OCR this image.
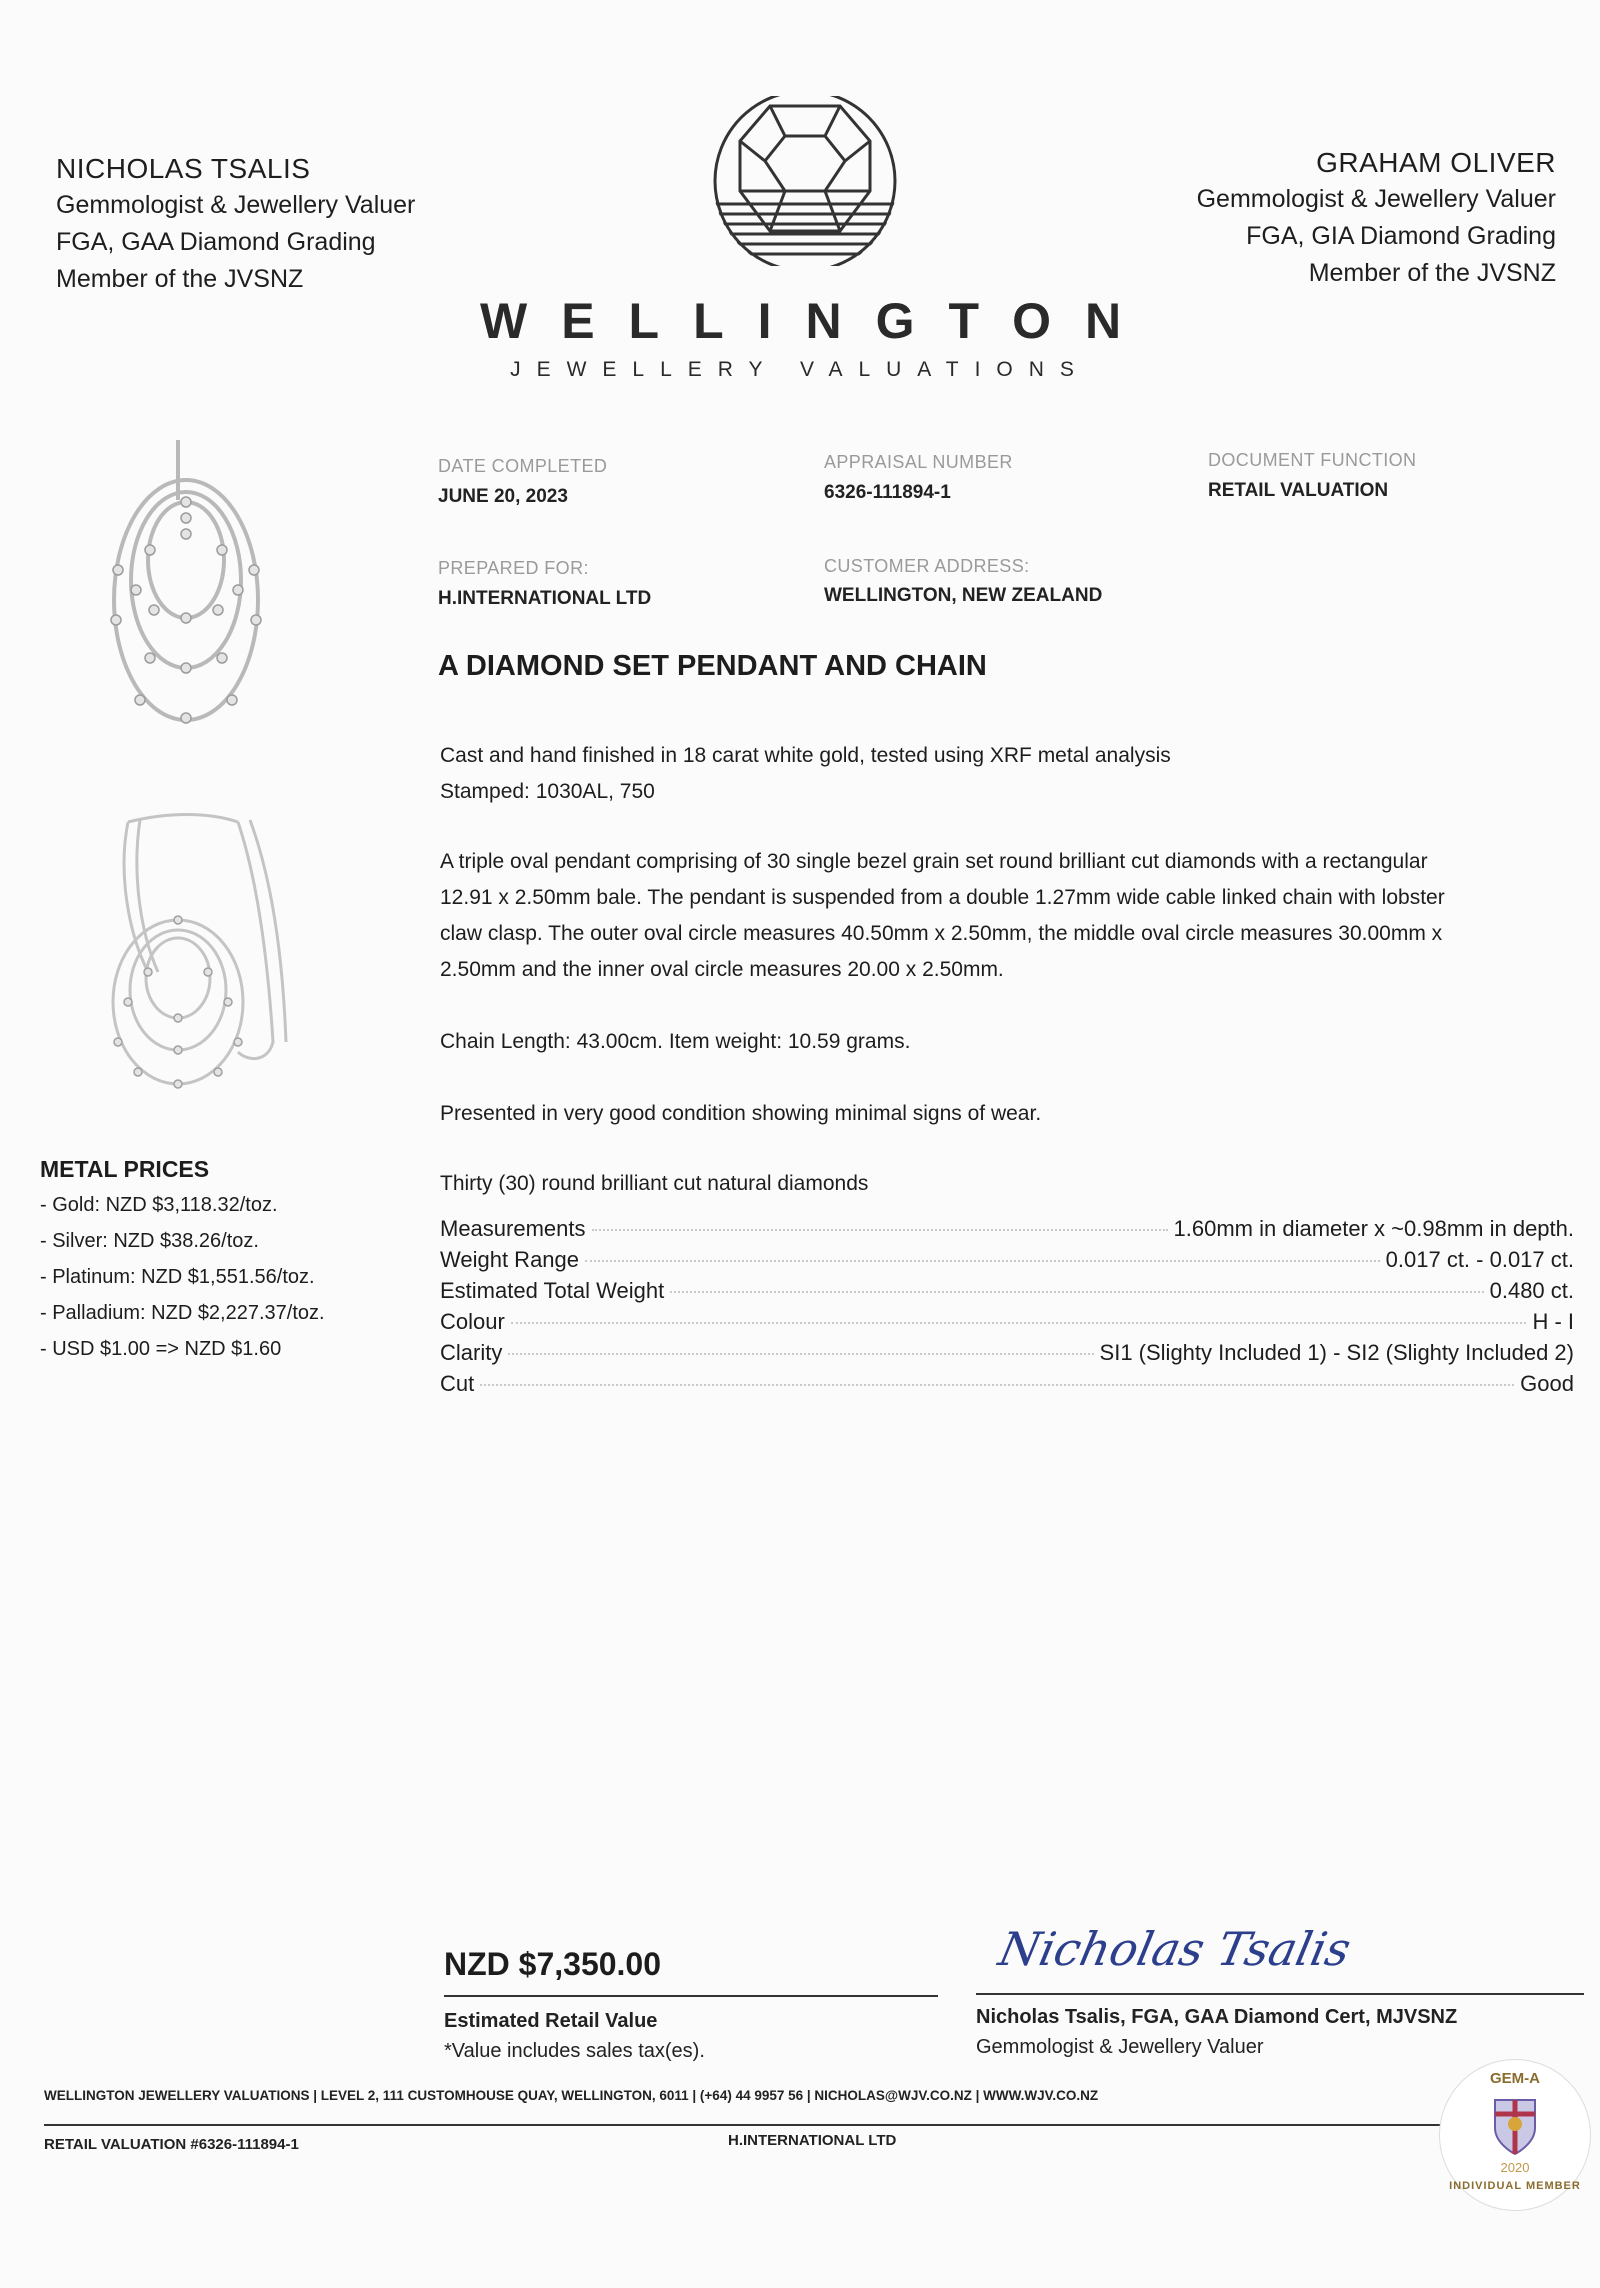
NICHOLAS TSALIS
Gemmologist & Jewellery Valuer
FGA, GAA Diamond Grading
Member of the JVSNZ
GRAHAM OLIVER
Gemmologist & Jewellery Valuer
FGA, GIA Diamond Grading
Member of the JVSNZ
WELLINGTON
JEWELLERY VALUATIONS
DATE COMPLETED
JUNE 20, 2023
APPRAISAL NUMBER
6326-111894-1
DOCUMENT FUNCTION
RETAIL VALUATION
PREPARED FOR:
H.INTERNATIONAL LTD
CUSTOMER ADDRESS:
WELLINGTON, NEW ZEALAND
A DIAMOND SET PENDANT AND CHAIN
Cast and hand finished in 18 carat white gold, tested using XRF metal analysis
Stamped: 1030AL, 750
A triple oval pendant comprising of 30 single bezel grain set round brilliant cut diamonds with a rectangular
12.91 x 2.50mm bale. The pendant is suspended from a double 1.27mm wide cable linked chain with lobster
claw clasp. The outer oval circle measures 40.50mm x 2.50mm, the middle oval circle measures 30.00mm x
2.50mm and the inner oval circle measures 20.00 x 2.50mm.
Chain Length: 43.00cm. Item weight: 10.59 grams.
Presented in very good condition showing minimal signs of wear.
Thirty (30) round brilliant cut natural diamonds
Measurements	1.60mm in diameter x ~0.98mm in depth.
Weight Range	0.017 ct. - 0.017 ct.
Estimated Total Weight	0.480 ct.
Colour	H - I
Clarity	SI1 (Slighty Included 1) - SI2 (Slighty Included 2)
Cut	Good
METAL PRICES
- Gold: NZD $3,118.32/toz.
- Silver: NZD $38.26/toz.
- Platinum: NZD $1,551.56/toz.
- Palladium: NZD $2,227.37/toz.
- USD $1.00 => NZD $1.60
NZD $7,350.00
Estimated Retail Value
*Value includes sales tax(es).
Nicholas Tsalis
Nicholas Tsalis, FGA, GAA Diamond Cert, MJVSNZ
Gemmologist & Jewellery Valuer
WELLINGTON JEWELLERY VALUATIONS | LEVEL 2, 111 CUSTOMHOUSE QUAY, WELLINGTON, 6011 | (+64) 44 9957 56 | NICHOLAS@WJV.CO.NZ | WWW.WJV.CO.NZ
RETAIL VALUATION #6326-111894-1	H.INTERNATIONAL LTD
GEM-A
2020
INDIVIDUAL MEMBER
